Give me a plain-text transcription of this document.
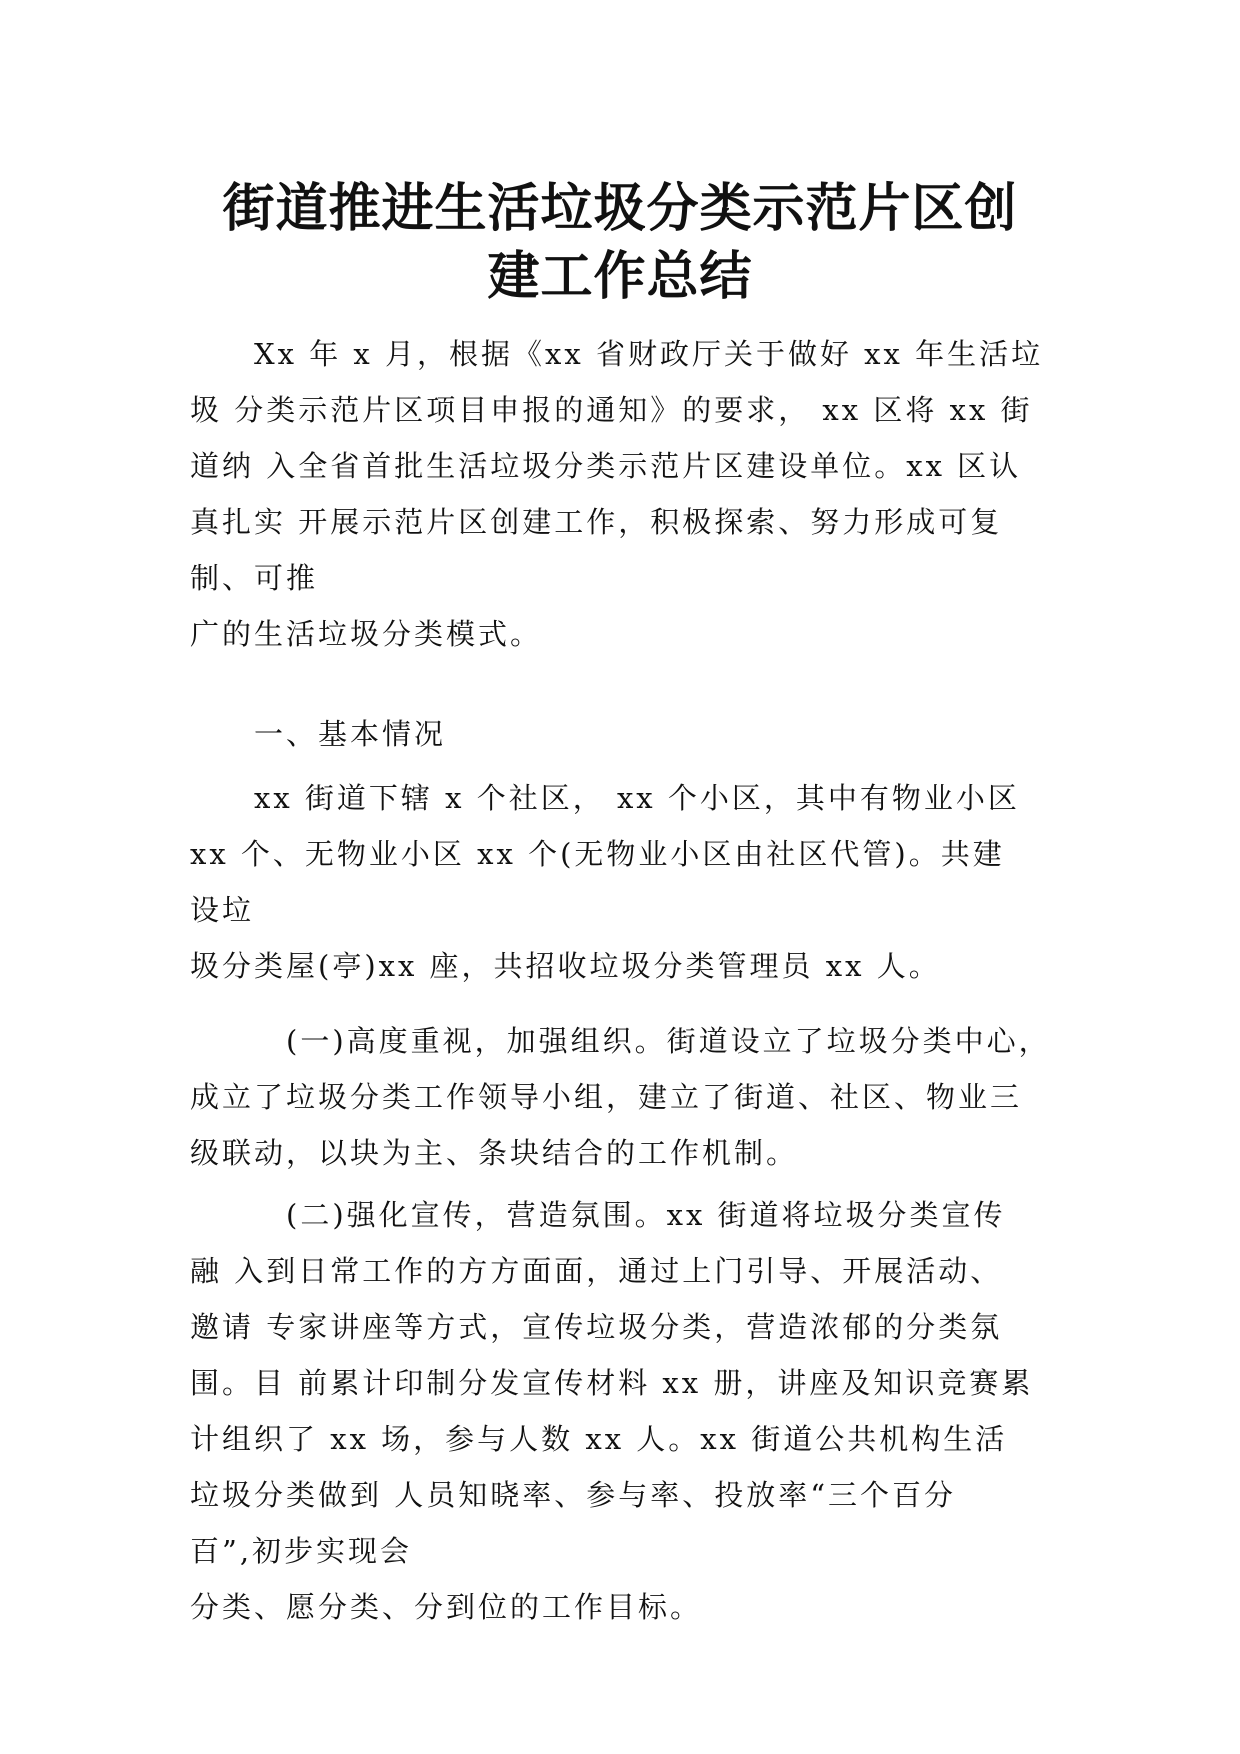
街道推进生活垃圾分类示范片区创
建工作总结
　　Xx 年 x 月，根据《xx 省财政厅关于做好 xx 年生活垃
圾 分类示范片区项目申报的通知》的要求， xx 区将 xx 街
道纳 入全省首批生活垃圾分类示范片区建设单位。xx 区认
真扎实 开展示范片区创建工作，积极探索、努力形成可复
制、可推
广的生活垃圾分类模式。
　　一、基本情况
　　xx 街道下辖 x 个社区， xx 个小区，其中有物业小区
xx 个、无物业小区 xx 个(无物业小区由社区代管)。共建
设垃
圾分类屋(亭)xx 座，共招收垃圾分类管理员 xx 人。
　　　(一)高度重视，加强组织。街道设立了垃圾分类中心，
成立了垃圾分类工作领导小组，建立了街道、社区、物业三
级联动，以块为主、条块结合的工作机制。
　　　(二)强化宣传，营造氛围。xx 街道将垃圾分类宣传
融 入到日常工作的方方面面，通过上门引导、开展活动、
邀请 专家讲座等方式，宣传垃圾分类，营造浓郁的分类氛
围。目 前累计印制分发宣传材料 xx 册，讲座及知识竞赛累
计组织了 xx 场，参与人数 xx 人。xx 街道公共机构生活
垃圾分类做到 人员知晓率、参与率、投放率“三个百分
百”,初步实现会
分类、愿分类、分到位的工作目标。
